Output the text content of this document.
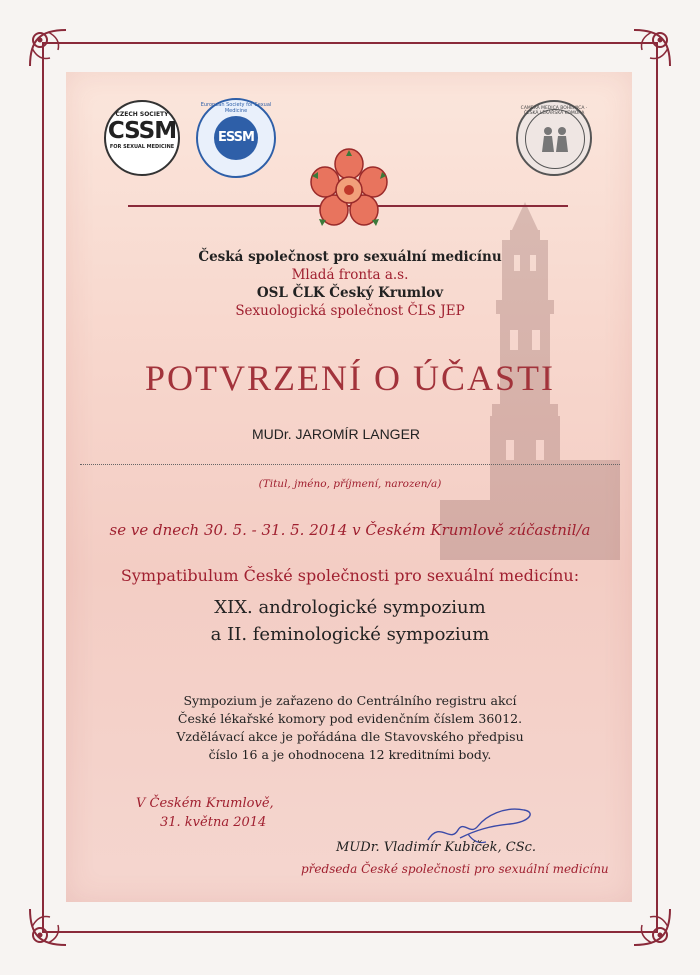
CZECH SOCIETY
CSSM
FOR SEXUAL MEDICINE
European Society for Sexual Medicine
ESSM
CAMERA MEDICA BOHEMICA · ČESKÁ LÉKAŘSKÁ KOMORA
Česká společnost pro sexuální medicínu
Mladá fronta a.s.
OSL ČLK Český Krumlov
Sexuologická společnost ČLS JEP
POTVRZENÍ O ÚČASTI
MUDr. JAROMÍR LANGER
(Titul, jméno, příjmení, narozen/a)
se ve dnech 30. 5. - 31. 5. 2014 v Českém Krumlově zúčastnil/a
Sympatibulum České společnosti pro sexuální medicínu:
XIX. andrologické sympozium
a II. feminologické sympozium
Sympozium je zařazeno do Centrálního registru akcí
České lékařské komory pod evidenčním číslem 36012.
Vzdělávací akce je pořádána dle Stavovského předpisu
číslo 16 a je ohodnocena 12 kreditními body.
V Českém Krumlově,
31. května 2014
MUDr. Vladimír Kubíček, CSc.
předseda České společnosti pro sexuální medicínu
